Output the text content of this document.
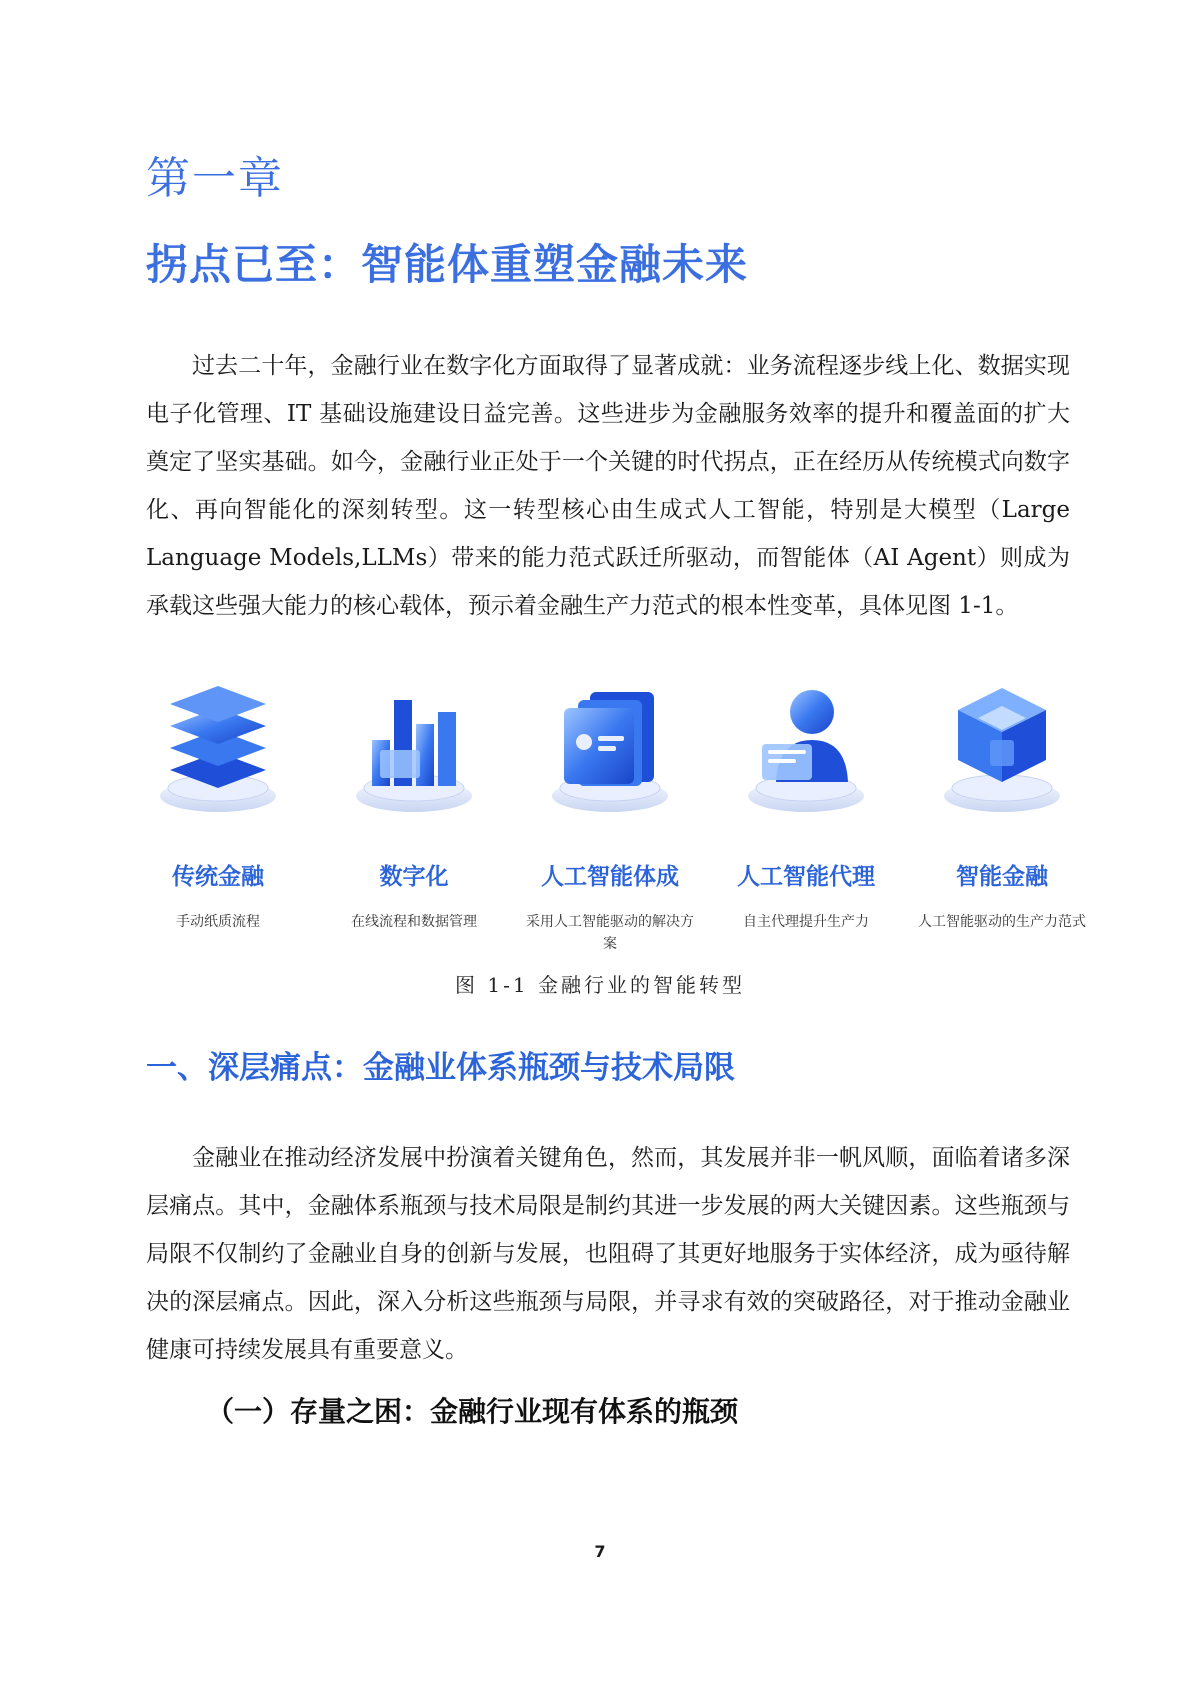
第一章
拐点已至：智能体重塑金融未来

过去二十年，金融行业在数字化方面取得了显著成就：业务流程逐步线上化、数据实现电子化管理、IT 基础设施建设日益完善。这些进步为金融服务效率的提升和覆盖面的扩大奠定了坚实基础。如今，金融行业正处于一个关键的时代拐点，正在经历从传统模式向数字化、再向智能化的深刻转型。这一转型核心由生成式人工智能，特别是大模型（Large Language Models,LLMs）带来的能力范式跃迁所驱动，而智能体（AI Agent）则成为承载这些强大能力的核心载体，预示着金融生产力范式的根本性变革，具体见图 1-1。

传统金融
手动纸质流程
数字化
在线流程和数据管理
人工智能体成
采用人工智能驱动的解决方案
人工智能代理
自主代理提升生产力
智能金融
人工智能驱动的生产力范式
图 1-1 金融行业的智能转型
一、深层痛点：金融业体系瓶颈与技术局限

金融业在推动经济发展中扮演着关键角色，然而，其发展并非一帆风顺，面临着诸多深层痛点。其中，金融体系瓶颈与技术局限是制约其进一步发展的两大关键因素。这些瓶颈与局限不仅制约了金融业自身的创新与发展，也阻碍了其更好地服务于实体经济，成为亟待解决的深层痛点。因此，深入分析这些瓶颈与局限，并寻求有效的突破路径，对于推动金融业健康可持续发展具有重要意义。

（一）存量之困：金融行业现有体系的瓶颈
7
